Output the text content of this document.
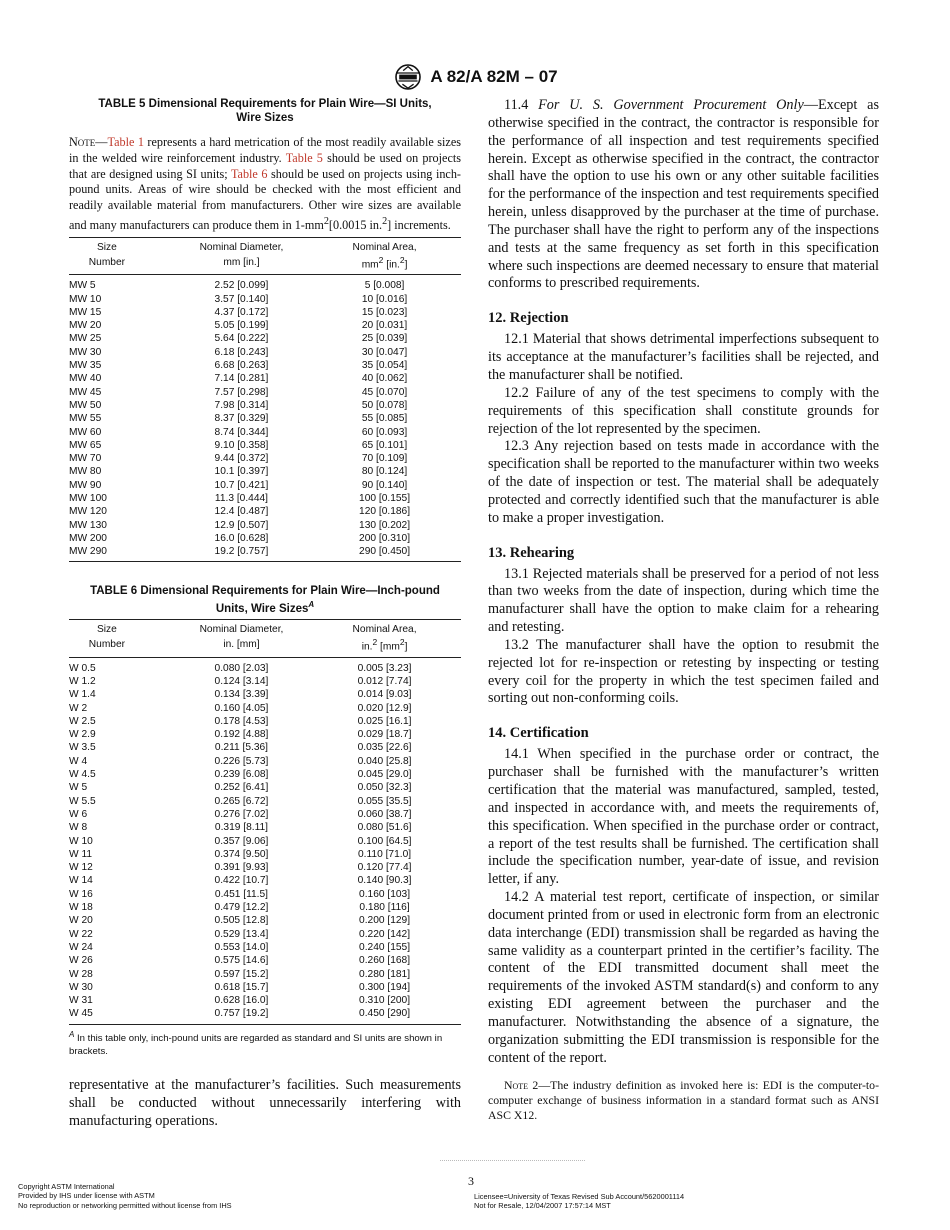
A 82/A 82M – 07
TABLE 5 Dimensional Requirements for Plain Wire—SI Units,
Wire Sizes
Note—Table 1 represents a hard metrication of the most readily available sizes in the welded wire reinforcement industry. Table 5 should be used on projects that are designed using SI units; Table 6 should be used on projects using inch-pound units. Areas of wire should be checked with the most efficient and readily available material from manufacturers. Other wire sizes are available and many manufacturers can produce them in $1-mm^2[0.0015$ in.$^2$] increments.
Size	Nominal Diameter,	Nominal Area,
Number	mm [in.]	$mm^2$ [in.$^2$]
MW 5	2.52 [0.099]	5 [0.008]
MW 10	3.57 [0.140]	10 [0.016]
MW 15	4.37 [0.172]	15 [0.023]
MW 20	5.05 [0.199]	20 [0.031]
MW 25	5.64 [0.222]	25 [0.039]
MW 30	6.18 [0.243]	30 [0.047]
MW 35	6.68 [0.263]	35 [0.054]
MW 40	7.14 [0.281]	40 [0.062]
MW 45	7.57 [0.298]	45 [0.070]
MW 50	7.98 [0.314]	50 [0.078]
MW 55	8.37 [0.329]	55 [0.085]
MW 60	8.74 [0.344]	60 [0.093]
MW 65	9.10 [0.358]	65 [0.101]
MW 70	9.44 [0.372]	70 [0.109]
MW 80	10.1 [0.397]	80 [0.124]
MW 90	10.7 [0.421]	90 [0.140]
MW 100	11.3 [0.444]	100 [0.155]
MW 120	12.4 [0.487]	120 [0.186]
MW 130	12.9 [0.507]	130 [0.202]
MW 200	16.0 [0.628]	200 [0.310]
MW 290	19.2 [0.757]	290 [0.450]
TABLE 6 Dimensional Requirements for Plain Wire—Inch-pound
Units, Wire Sizes$^A$
Size	Nominal Diameter,	Nominal Area,
Number	in. [mm]	in.$^2$ $[mm^2]$
W 0.5	0.080 [2.03]	0.005 [3.23]
W 1.2	0.124 [3.14]	0.012 [7.74]
W 1.4	0.134 [3.39]	0.014 [9.03]
W 2	0.160 [4.05]	0.020 [12.9]
W 2.5	0.178 [4.53]	0.025 [16.1]
W 2.9	0.192 [4.88]	0.029 [18.7]
W 3.5	0.211 [5.36]	0.035 [22.6]
W 4	0.226 [5.73]	0.040 [25.8]
W 4.5	0.239 [6.08]	0.045 [29.0]
W 5	0.252 [6.41]	0.050 [32.3]
W 5.5	0.265 [6.72]	0.055 [35.5]
W 6	0.276 [7.02]	0.060 [38.7]
W 8	0.319 [8.11]	0.080 [51.6]
W 10	0.357 [9.06]	0.100 [64.5]
W 11	0.374 [9.50]	0.110 [71.0]
W 12	0.391 [9.93]	0.120 [77.4]
W 14	0.422 [10.7]	0.140 [90.3]
W 16	0.451 [11.5]	0.160 [103]
W 18	0.479 [12.2]	0.180 [116]
W 20	0.505 [12.8]	0.200 [129]
W 22	0.529 [13.4]	0.220 [142]
W 24	0.553 [14.0]	0.240 [155]
W 26	0.575 [14.6]	0.260 [168]
W 28	0.597 [15.2]	0.280 [181]
W 30	0.618 [15.7]	0.300 [194]
W 31	0.628 [16.0]	0.310 [200]
W 45	0.757 [19.2]	0.450 [290]
$^A$ In this table only, inch-pound units are regarded as standard and SI units are shown in brackets.
representative at the manufacturer’s facilities. Such measurements shall be conducted without unnecessarily interfering with manufacturing operations.

11.4 For U. S. Government Procurement Only—Except as otherwise specified in the contract, the contractor is responsible for the performance of all inspection and test requirements specified herein. Except as otherwise specified in the contract, the contractor shall have the option to use his own or any other suitable facilities for the performance of the inspection and test requirements specified herein, unless disapproved by the purchaser at the time of purchase. The purchaser shall have the right to perform any of the inspections and tests at the same frequency as set forth in this specification where such inspections are deemed necessary to ensure that material conforms to prescribed requirements.

12. Rejection

12.1 Material that shows detrimental imperfections subsequent to its acceptance at the manufacturer’s facilities shall be rejected, and the manufacturer shall be notified.

12.2 Failure of any of the test specimens to comply with the requirements of this specification shall constitute grounds for rejection of the lot represented by the specimen.

12.3 Any rejection based on tests made in accordance with the specification shall be reported to the manufacturer within two weeks of the date of inspection or test. The material shall be adequately protected and correctly identified such that the manufacturer is able to make a proper investigation.

13. Rehearing

13.1 Rejected materials shall be preserved for a period of not less than two weeks from the date of inspection, during which time the manufacturer shall have the option to make claim for a rehearing and retesting.

13.2 The manufacturer shall have the option to resubmit the rejected lot for re-inspection or retesting by inspecting or testing every coil for the property in which the test specimen failed and sorting out non-conforming coils.

14. Certification

14.1 When specified in the purchase order or contract, the purchaser shall be furnished with the manufacturer’s written certification that the material was manufactured, sampled, tested, and inspected in accordance with, and meets the requirements of, this specification. When specified in the purchase order or contract, a report of the test results shall be furnished. The certification shall include the specification number, year-date of issue, and revision letter, if any.

14.2 A material test report, certificate of inspection, or similar document printed from or used in electronic form from an electronic data interchange (EDI) transmission shall be regarded as having the same validity as a counterpart printed in the certifier’s facility. The content of the EDI transmitted document shall meet the requirements of the invoked ASTM standard(s) and conform to any existing EDI agreement between the purchaser and the manufacturer. Notwithstanding the absence of a signature, the organization submitting the EDI transmission is responsible for the content of the report.

Note 2—The industry definition as invoked here is: EDI is the computer-to-computer exchange of business information in a standard format such as ANSI ASC X12.

3
Copyright ASTM International
Provided by IHS under license with ASTM
No reproduction or networking permitted without license from IHS
Licensee=University of Texas Revised Sub Account/5620001114
Not for Resale, 12/04/2007 17:57:14 MST
